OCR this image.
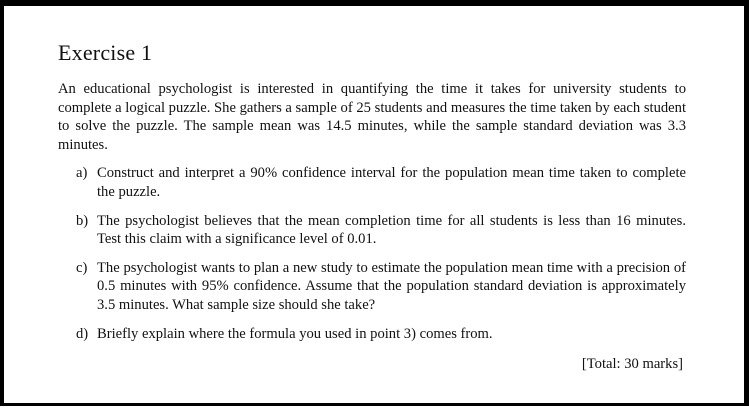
Exercise 1

An educational psychologist is interested in quantifying the time it takes for university students to complete a logical puzzle. She gathers a sample of 25 students and measures the time taken by each student to solve the puzzle. The sample mean was 14.5 minutes, while the sample standard deviation was 3.3 minutes.

a) Construct and interpret a 90% confidence interval for the population mean time taken to complete the puzzle.
b) The psychologist believes that the mean completion time for all students is less than 16 minutes. Test this claim with a significance level of 0.01.
c) The psychologist wants to plan a new study to estimate the population mean time with a precision of 0.5 minutes with 95% confidence. Assume that the population standard deviation is approximately 3.5 minutes. What sample size should she take?
d) Briefly explain where the formula you used in point 3) comes from.
[Total: 30 marks]
